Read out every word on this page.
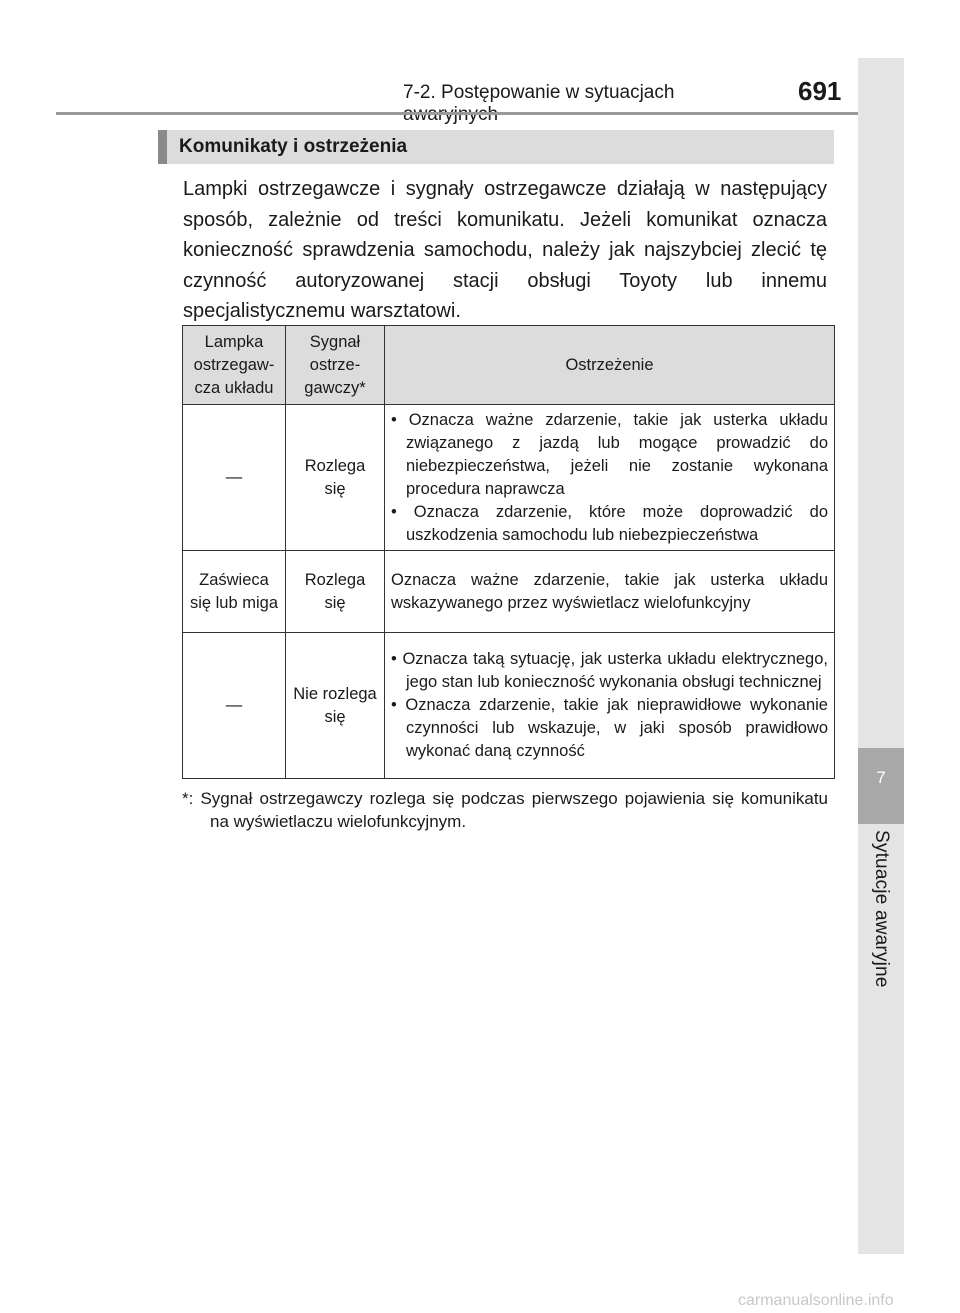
7-2. Postępowanie w sytuacjach	691
7
Sytuacje awaryjne
Komunikaty i ostrzeżenia

Lampki ostrzegawcze i sygnały ostrzegawcze działają w następujący sposób, zależnie od treści komunikatu. Jeżeli komunikat oznacza konieczność sprawdzenia samochodu, należy jak najszybciej zlecić tę czynność autoryzowanej stacji obsługi Toyoty lub innemu specjalistycznemu warsztatowi.

Lampka ostrzegaw- cza układu	Sygnał ostrze- gawczy*	Ostrzeżenie
—	Rozlega się	• Oznacza ważne zdarzenie, takie jak usterka układu związanego z jazdą lub mogące prowadzić do niebezpieczeństwa, jeżeli nie zostanie wykonana procedura naprawcza
• Oznacza zdarzenie, które może doprowadzić do uszkodzenia samochodu lub niebezpieczeństwa

Zaświeca się lub miga	Rozlega się	Oznacza ważne zdarzenie, takie jak usterka układu wskazywanego przez wyświetlacz wielofunkcyjny
—	Nie rozlega się	• Oznacza taką sytuację, jak usterka układu elektrycznego, jego stan lub konieczność wykonania obsługi technicznej
• Oznacza zdarzenie, takie jak nieprawidłowe wykonanie czynności lub wskazuje, w jaki sposób prawidłowo wykonać daną czynność

*: Sygnał ostrzegawczy rozlega się podczas pierwszego pojawienia się komunikatu na wyświetlaczu wielofunkcyjnym.

carmanualsonline.info
